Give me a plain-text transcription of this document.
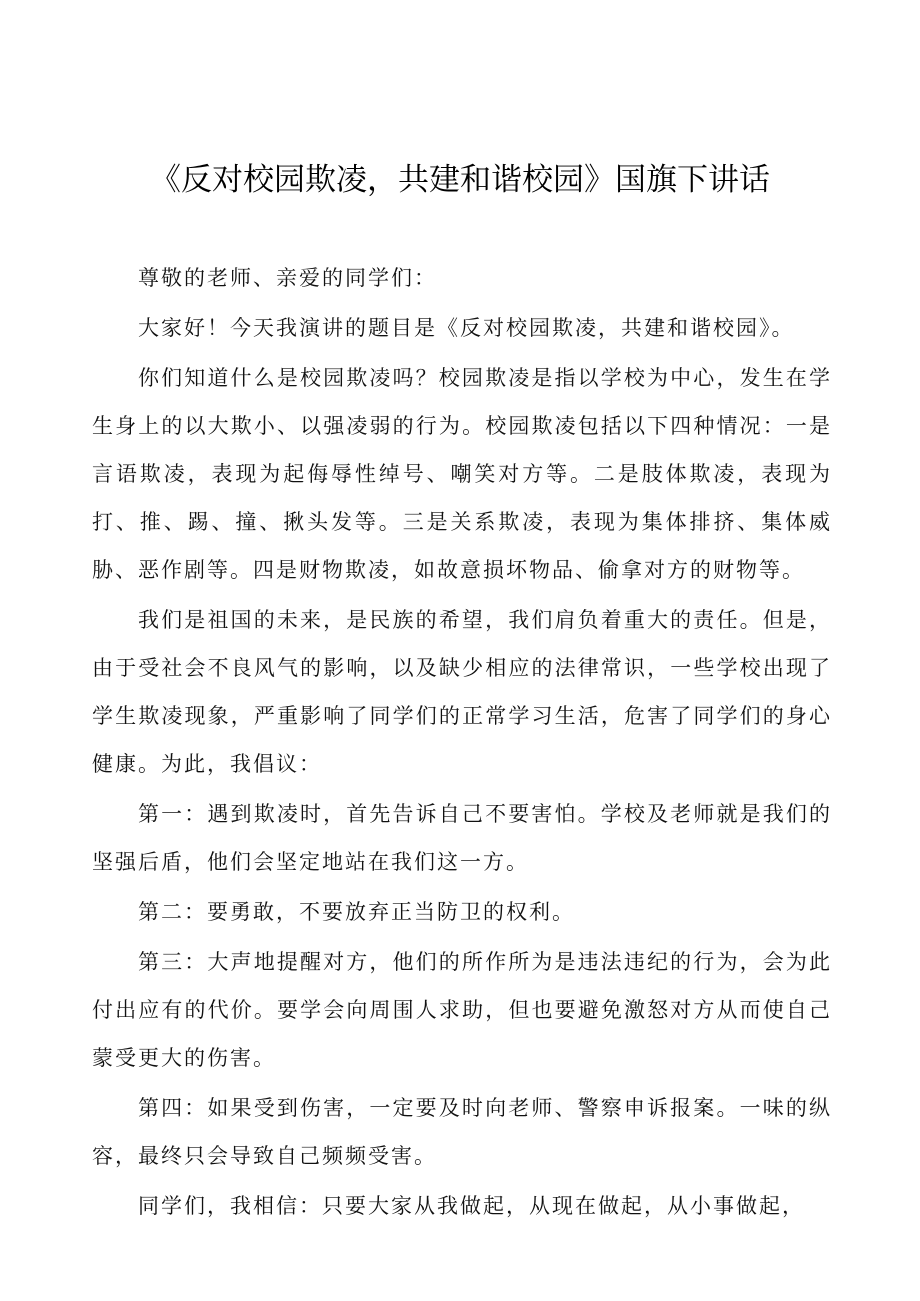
《反对校园欺凌，共建和谐校园》国旗下讲话

尊敬的老师、亲爱的同学们：

大家好！今天我演讲的题目是《反对校园欺凌，共建和谐校园》。

你们知道什么是校园欺凌吗？校园欺凌是指以学校为中心，发生在学生身上的以大欺小、以强凌弱的行为。校园欺凌包括以下四种情况：一是言语欺凌，表现为起侮辱性绰号、嘲笑对方等。二是肢体欺凌，表现为打、推、踢、撞、揪头发等。三是关系欺凌，表现为集体排挤、集体威胁、恶作剧等。四是财物欺凌，如故意损坏物品、偷拿对方的财物等。

我们是祖国的未来，是民族的希望，我们肩负着重大的责任。但是，由于受社会不良风气的影响，以及缺少相应的法律常识，一些学校出现了学生欺凌现象，严重影响了同学们的正常学习生活，危害了同学们的身心健康。为此，我倡议：

第一：遇到欺凌时，首先告诉自己不要害怕。学校及老师就是我们的坚强后盾，他们会坚定地站在我们这一方。

第二：要勇敢，不要放弃正当防卫的权利。

第三：大声地提醒对方，他们的所作所为是违法违纪的行为，会为此付出应有的代价。要学会向周围人求助，但也要避免激怒对方从而使自己蒙受更大的伤害。

第四：如果受到伤害，一定要及时向老师、警察申诉报案。一味的纵容，最终只会导致自己频频受害。

同学们，我相信：只要大家从我做起，从现在做起，从小事做起，
